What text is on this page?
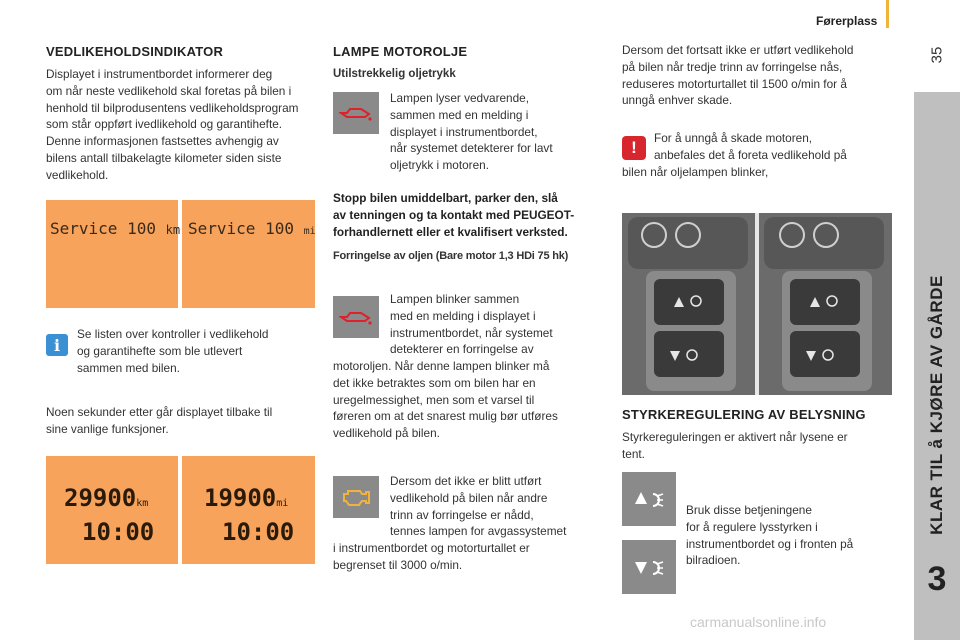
Førerplass
35
KLAR TIL å KJØRE AV GÅRDE
3
VEDLIKEHOLDSINDIKATOR

Displayet i instrumentbordet informerer deg

om når neste vedlikehold skal foretas på bilen i

henhold til bilprodusentens vedlikeholdsprogram

som står oppført ivedlikehold og garantihefte.

Denne informasjonen fastsettes avhengig av

bilens antall tilbakelagte kilometer siden siste

vedlikehold.

Service 100 km Service 100 mi
i

Se listen over kontroller i vedlikehold

og garantihefte som ble utlevert

sammen med bilen.

Noen sekunder etter går displayet tilbake til

sine vanlige funksjoner.

29900km
10:00
19900mi
10:00
LAMPE MOTOROLJE
Utilstrekkelig oljetrykk

Lampen lyser vedvarende,

sammen med en melding i

displayet i instrumentbordet,

når systemet detekterer for lavt

oljetrykk i motoren.

Stopp bilen umiddelbart, parker den, slå

av tenningen og ta kontakt med PEUGEOT-

forhandlernett eller et kvalifisert verksted.

Forringelse av oljen (Bare motor 1,3 HDi 75 hk)

Lampen blinker sammen

med en melding i displayet i

instrumentbordet, når systemet

detekterer en forringelse av

motoroljen. Når denne lampen blinker må

det ikke betraktes som om bilen har en

uregelmessighet, men som et varsel til

føreren om at det snarest mulig bør utføres

vedlikehold på bilen.

Dersom det ikke er blitt utført

vedlikehold på bilen når andre

trinn av forringelse er nådd,

tennes lampen for avgassystemet

i instrumentbordet og motorturtallet er

begrenset til 3000 o/min.

Dersom det fortsatt ikke er utført vedlikehold

på bilen når tredje trinn av forringelse nås,

reduseres motorturtallet til 1500 o/min for å

unngå enhver skade.

!	For å unngå å skade motoren,

anbefales det å foreta vedlikehold på

bilen når oljelampen blinker,

STYRKEREGULERING AV BELYSNING

Styrkereguleringen er aktivert når lysene er

tent.

Bruk disse betjeningene

for å regulere lysstyrken i

instrumentbordet og i fronten på

bilradioen.

carmanualsonline.info
